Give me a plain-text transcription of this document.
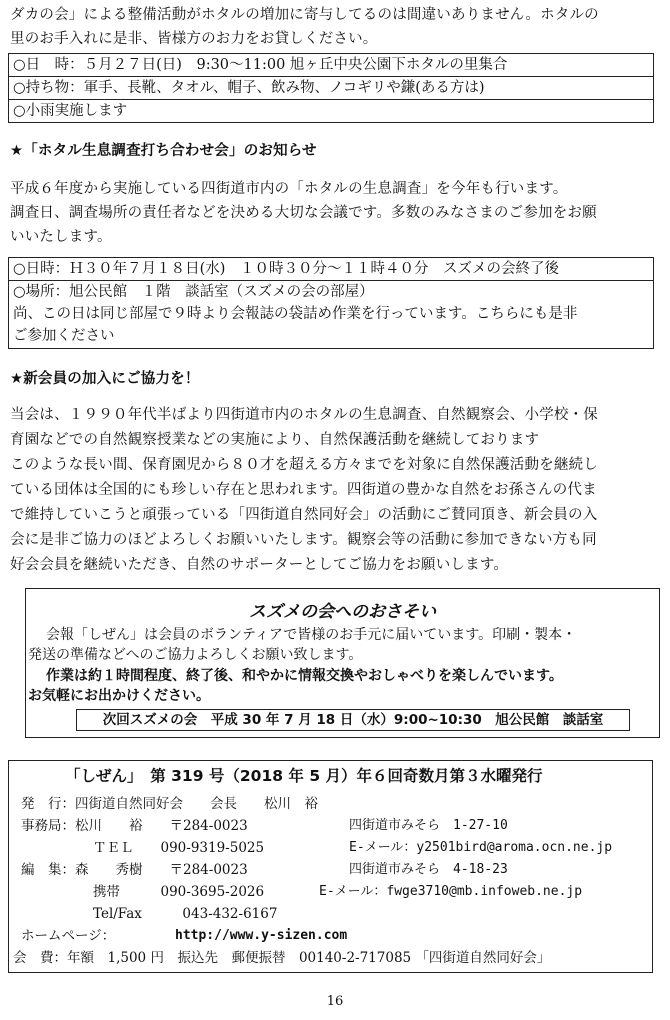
ダカの会」による整備活動がホタルの増加に寄与してるのは間違いありません。ホタルの
里のお手入れに是非、皆様方のお力をお貸しください。
○日　時：５月２７日(日)　9:30～11:00 旭ヶ丘中央公園下ホタルの里集合
○持ち物：軍手、長靴、タオル、帽子、飲み物、ノコギリや鎌(ある方は)
○小雨実施します
★「ホタル生息調査打ち合わせ会」のお知らせ
平成６年度から実施している四街道市内の「ホタルの生息調査」を今年も行います。
調査日、調査場所の責任者などを決める大切な会議です。多数のみなさまのご参加をお願
いいたします。
○日時：Ｈ３０年７月１８日(水)　１０時３０分～１１時４０分　スズメの会終了後
○場所：旭公民館　１階　談話室（スズメの会の部屋）
尚、この日は同じ部屋で９時より会報誌の袋詰め作業を行っています。こちらにも是非
ご参加ください
★新会員の加入にご協力を！
当会は、１９９０年代半ばより四街道市内のホタルの生息調査、自然観察会、小学校・保
育園などでの自然観察授業などの実施により、自然保護活動を継続しております
このような長い間、保育園児から８０才を超える方々までを対象に自然保護活動を継続し
ている団体は全国的にも珍しい存在と思われます。四街道の豊かな自然をお孫さんの代ま
で維持していこうと頑張っている「四街道自然同好会」の活動にご賛同頂き、新会員の入
会に是非ご協力のほどよろしくお願いいたします。観察会等の活動に参加できない方も同
好会会員を継続いただき、自然のサポーターとしてご協力をお願いします。
スズメの会へのおさそい
会報「しぜん」は会員のボランティアで皆様のお手元に届いています。印刷・製本・
発送の準備などへのご協力よろしくお願い致します。
作業は約１時間程度、終了後、和やかに情報交換やおしゃべりを楽しんでいます。
お気軽にお出かけください。
次回スズメの会　平成 30 年 7 月 18 日（水）9:00~10:30　旭公民館　談話室
「しぜん」　第 319 号（2018 年 5 月）年６回奇数月第３水曜発行
発　行：四街道自然同好会　　会長　　松川　裕
事務局：松川　　裕　　〒284-0023	四街道市みそら　1-27-10
ＴＥＬ　　090-9319-5025	E-メール：y2501bird@aroma.ocn.ne.jp
編　集：森　　秀樹　　〒284-0023	四街道市みそら　4-18-23
携帯　　　090-3695-2026	E-メール：fwge3710@mb.infoweb.ne.jp
Tel/Fax　　　043-432-6167
ホームページ：	http://www.y-sizen.com
会　費：年額　1,500 円　振込先　郵便振替　00140-2-717085 「四街道自然同好会」
16
